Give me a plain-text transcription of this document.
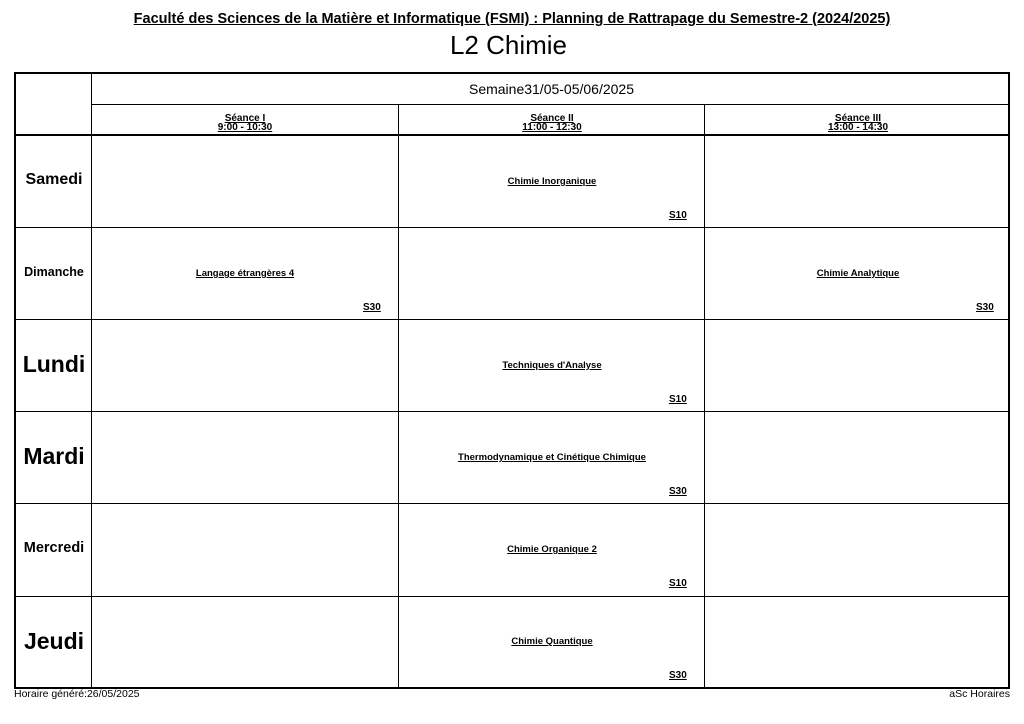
Faculté des Sciences de la Matière et Informatique (FSMI) : Planning de Rattrapage du Semestre-2 (2024/2025)
L2 Chimie
Semaine31/05-05/06/2025
Séance I
9:00 - 10:30
Séance II
11:00 - 12:30
Séance III
13:00 - 14:30
Samedi
Dimanche
Lundi
Mardi
Mercredi
Jeudi
Chimie Inorganique
S10
Langage étrangères 4
S30
Chimie Analytique
S30
Techniques d'Analyse
S10
Thermodynamique et Cinétique Chimique
S30
Chimie Organique 2
S10
Chimie Quantique
S30
Horaire généré:26/05/2025	aSc Horaires
